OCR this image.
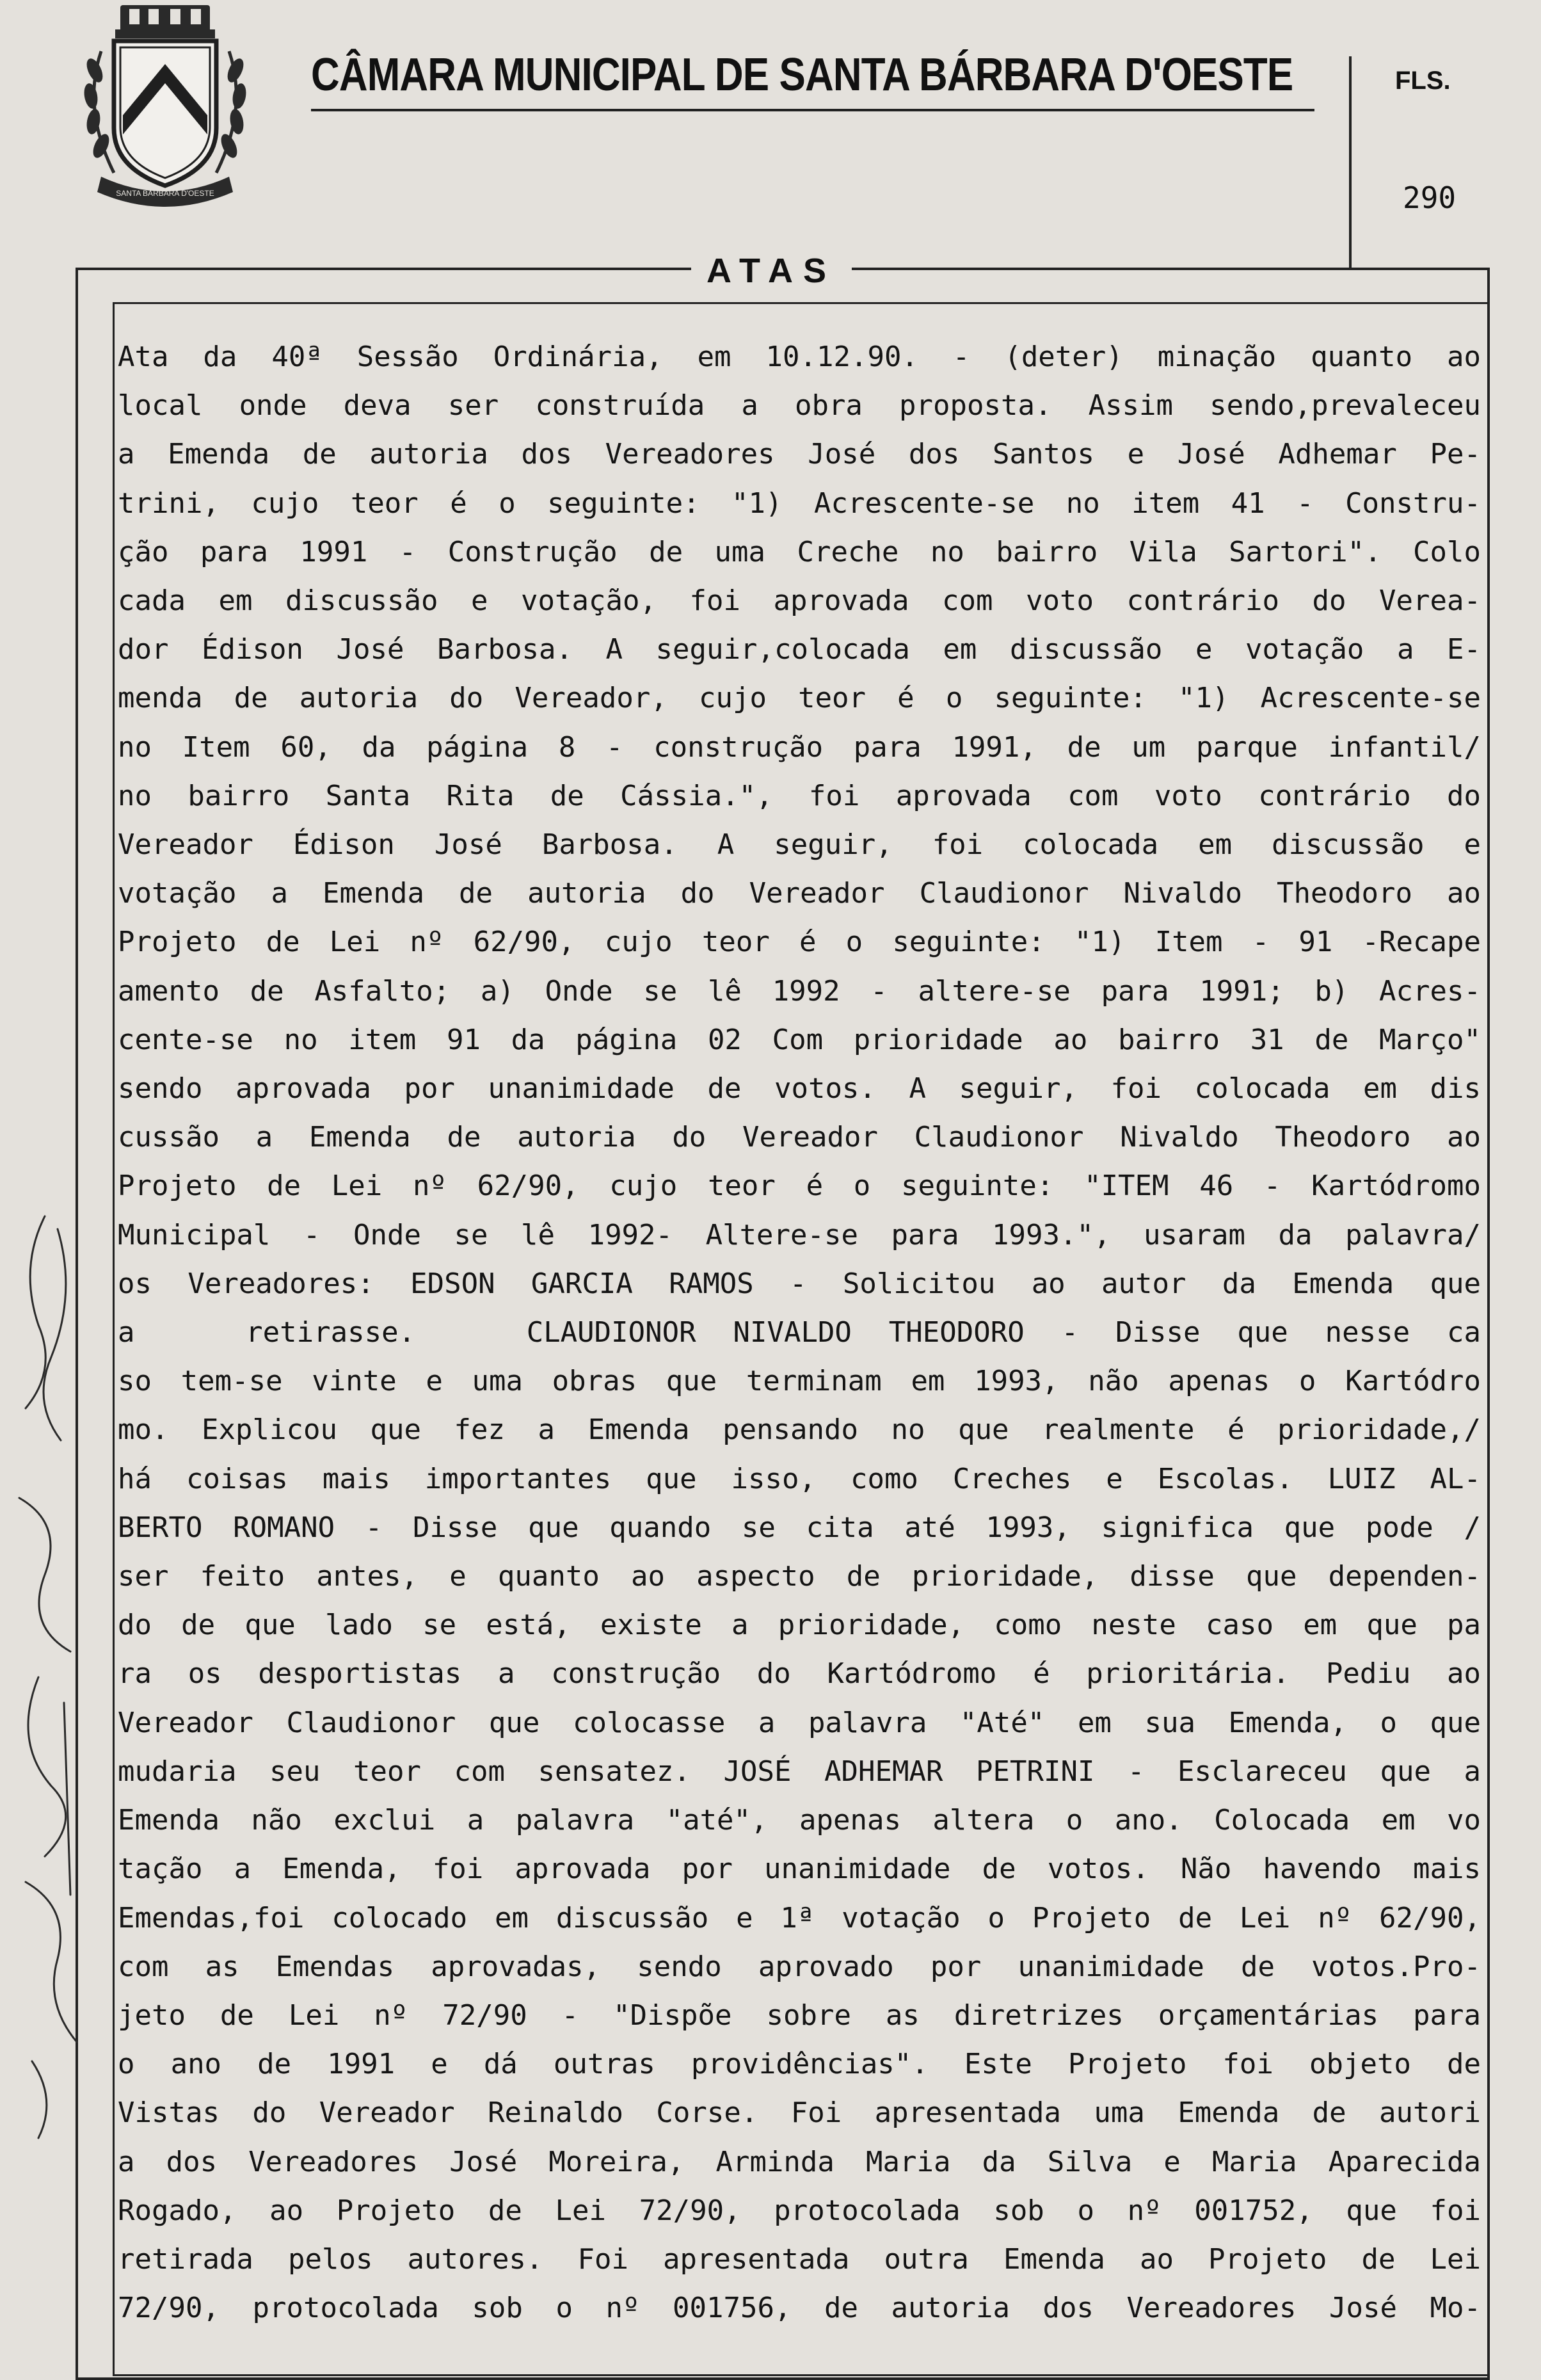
SANTA BÁRBARA D'OESTE
CÂMARA MUNICIPAL DE SANTA BÁRBARA D'OESTE	FLS.
290
ATAS
Ata da 40ª Sessão Ordinária, em 10.12.90. - (deter) minação quanto ao
local onde deva ser construída a obra proposta. Assim sendo,prevaleceu
a Emenda de autoria dos Vereadores José dos Santos e José Adhemar Pe-
trini, cujo teor é o seguinte: "1) Acrescente-se no item 41 - Constru-
ção para 1991 - Construção de uma Creche no bairro Vila Sartori". Colo
cada em discussão e votação, foi aprovada com voto contrário do Verea-
dor Édison José Barbosa. A seguir,colocada em discussão e votação a E-
menda de autoria do Vereador, cujo teor é o seguinte: "1) Acrescente-se
no Item 60, da página 8 - construção para 1991, de um parque infantil/
no bairro Santa Rita de Cássia.", foi aprovada com voto contrário do
Vereador Édison José Barbosa. A seguir, foi colocada em discussão e
votação a Emenda de autoria do Vereador Claudionor Nivaldo Theodoro ao
Projeto de Lei nº 62/90, cujo teor é o seguinte: "1) Item - 91 -Recape
amento de Asfalto; a) Onde se lê 1992 - altere-se para 1991; b) Acres-
cente-se no item 91 da página 02 Com prioridade ao bairro 31 de Março"
sendo aprovada por unanimidade de votos. A seguir, foi colocada em dis
cussão a Emenda de autoria do Vereador Claudionor Nivaldo Theodoro ao
Projeto de Lei nº 62/90, cujo teor é o seguinte: "ITEM 46 - Kartódromo
Municipal - Onde se lê 1992- Altere-se para 1993.", usaram da palavra/
os Vereadores: EDSON GARCIA RAMOS - Solicitou ao autor da Emenda que
a   retirasse.   CLAUDIONOR NIVALDO THEODORO - Disse que nesse ca
so tem-se vinte e uma obras que terminam em 1993, não apenas o Kartódro
mo. Explicou que fez a Emenda pensando no que realmente é prioridade,/
há coisas mais importantes que isso, como Creches e Escolas. LUIZ AL-
BERTO ROMANO - Disse que quando se cita até 1993, significa que pode /
ser feito antes, e quanto ao aspecto de prioridade, disse que dependen-
do de que lado se está, existe a prioridade, como neste caso em que pa
ra os desportistas a construção do Kartódromo é prioritária. Pediu ao
Vereador Claudionor que colocasse a palavra "Até" em sua Emenda, o que
mudaria seu teor com sensatez. JOSÉ ADHEMAR PETRINI - Esclareceu que a
Emenda não exclui a palavra "até", apenas altera o ano. Colocada em vo
tação a Emenda, foi aprovada por unanimidade de votos. Não havendo mais
Emendas,foi colocado em discussão e 1ª votação o Projeto de Lei nº 62/90,
com as Emendas aprovadas, sendo aprovado por unanimidade de votos.Pro-
jeto de Lei nº 72/90 - "Dispõe sobre as diretrizes orçamentárias para
o ano de 1991 e dá outras providências". Este Projeto foi objeto de
Vistas do Vereador Reinaldo Corse. Foi apresentada uma Emenda de autori
a dos Vereadores José Moreira, Arminda Maria da Silva e Maria Aparecida
Rogado, ao Projeto de Lei 72/90, protocolada sob o nº 001752, que foi
retirada pelos autores. Foi apresentada outra Emenda ao Projeto de Lei
72/90, protocolada sob o nº 001756, de autoria dos Vereadores José Mo-
